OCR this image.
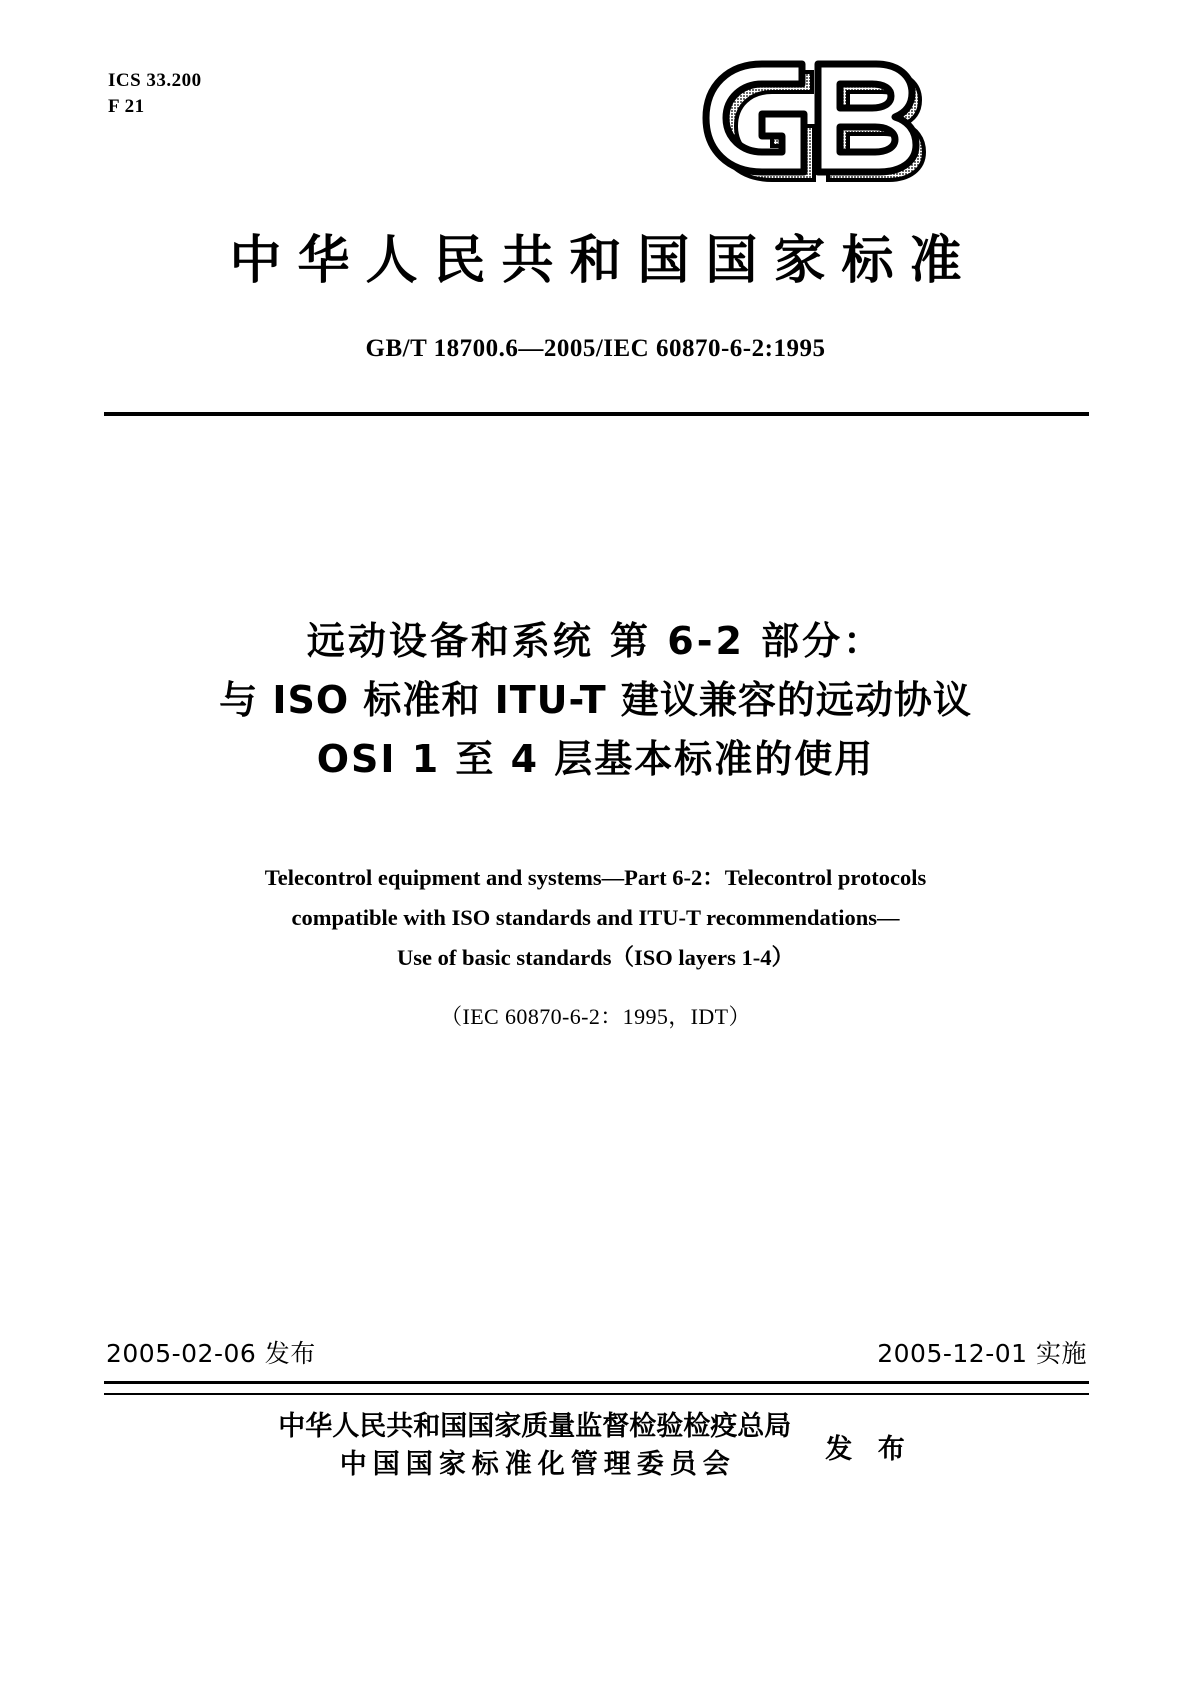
ICS 33.200
F 21
中华人民共和国国家标准
GB/T 18700.6—2005/IEC 60870-6-2:1995
远动设备和系统 第 6-2 部分：
与 ISO 标准和 ITU-T 建议兼容的远动协议
OSI 1 至 4 层基本标准的使用
Telecontrol equipment and systems—Part 6-2：Telecontrol protocols
compatible with ISO standards and ITU-T recommendations—
Use of basic standards（ISO layers 1-4）
（IEC 60870-6-2：1995，IDT）
2005-02-06 发布	2005-12-01 实施
中华人民共和国国家质量监督检验检疫总局
中国国家标准化管理委员会	发 布
